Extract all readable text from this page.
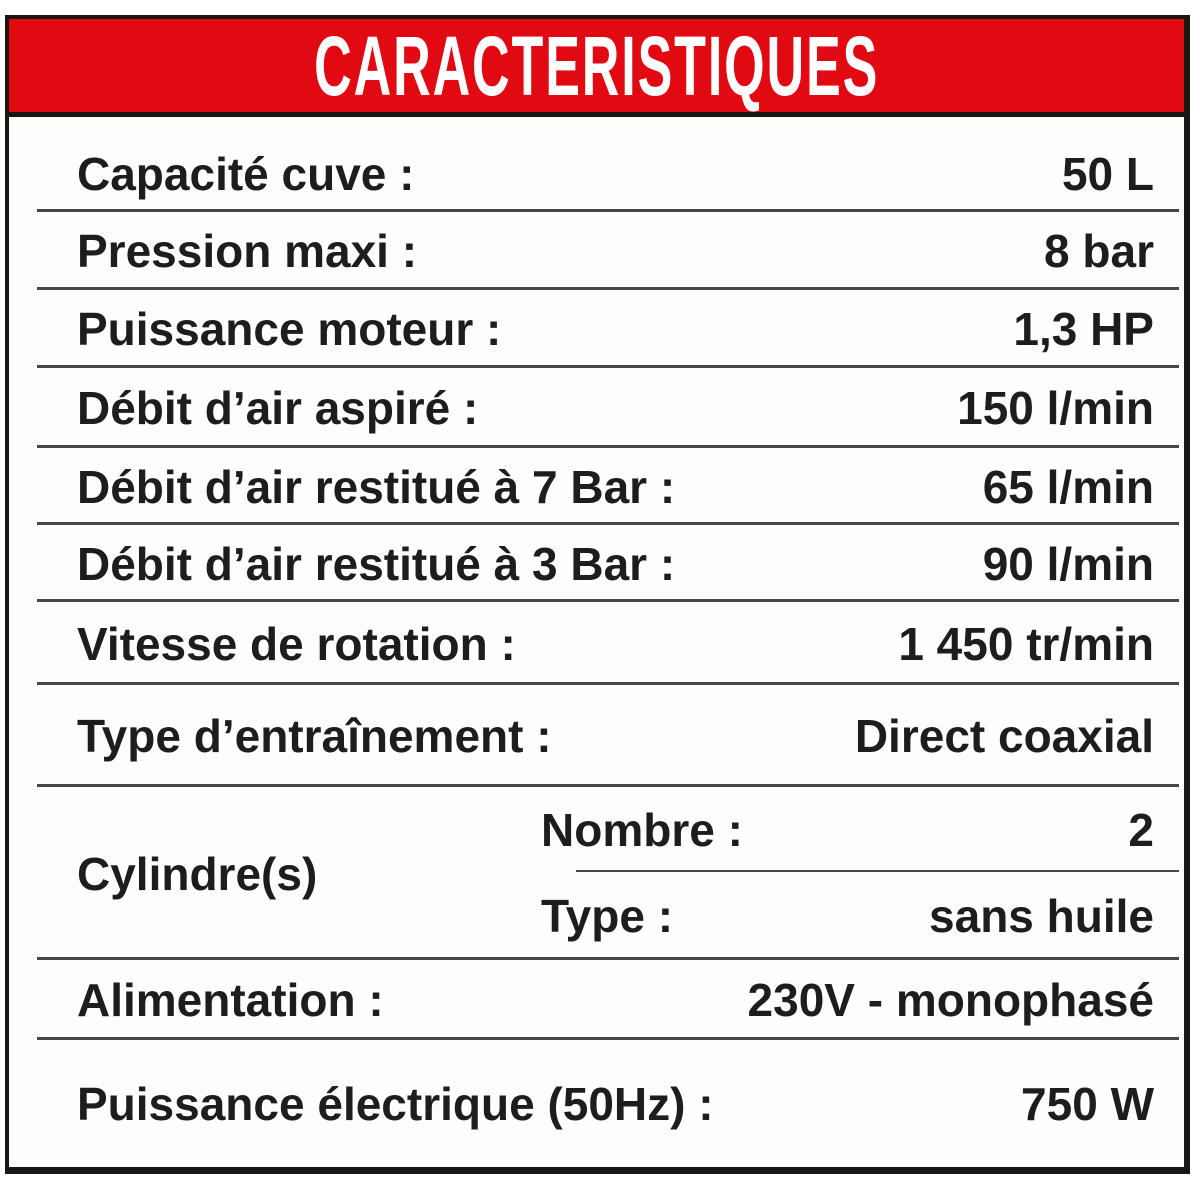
CARACTERISTIQUES
Capacité cuve :	50 L
Pression maxi :	8 bar
Puissance moteur :	1,3 HP
Débit d’air aspiré :	150 l/min
Débit d’air restitué à 7 Bar :	65 l/min
Débit d’air restitué à 3 Bar :	90 l/min
Vitesse de rotation :	1 450 tr/min
Type d’entraînement :	Direct coaxial
Cylindre(s)
Nombre :	2
Type :	sans huile
Alimentation :	230V - monophasé
Puissance électrique (50Hz) :	750 W
